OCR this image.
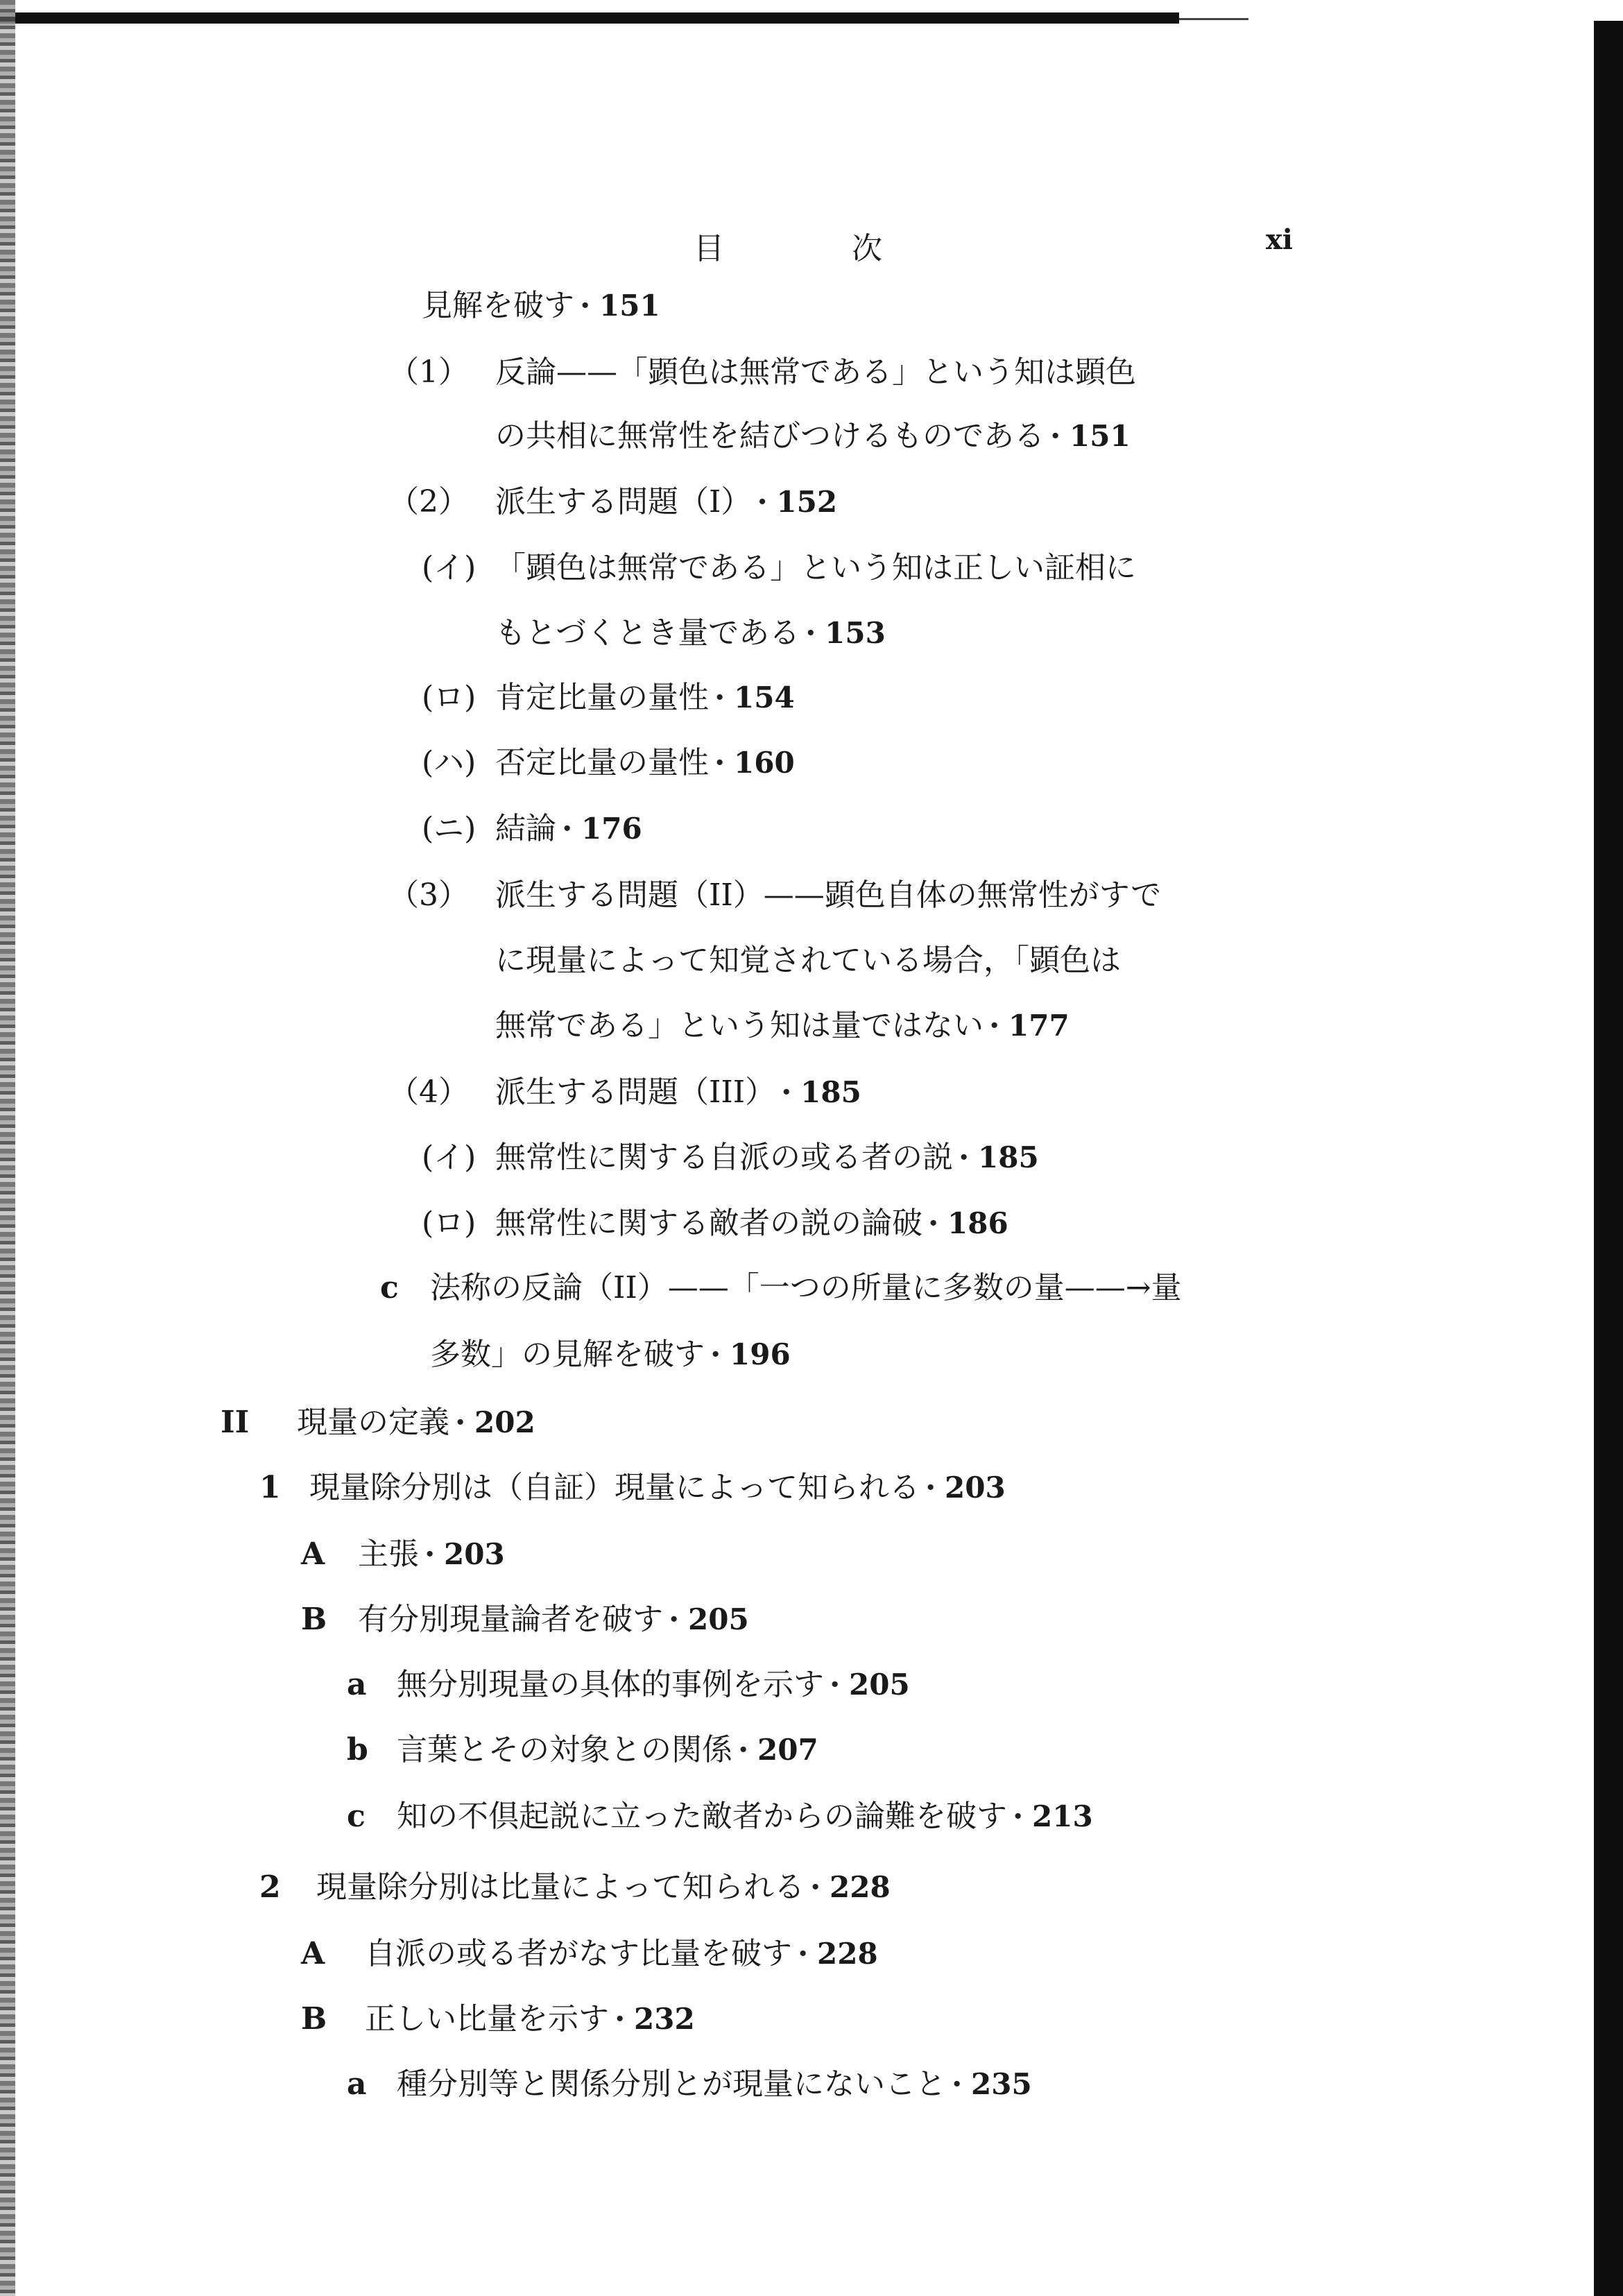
目　次	xi
見解を破す ····· 151
（1） 反論——「顕色は無常である」という知は顕色
の共相に無常性を結びつけるものである ····· 151
（2） 派生する問題（I） ····· 152
(イ) 「顕色は無常である」という知は正しい証相に
もとづくとき量である ····· 153
(ロ) 肯定比量の量性 ····· 154
(ハ) 否定比量の量性 ····· 160
(ニ) 結論 ····· 176
（3） 派生する問題（II）——顕色自体の無常性がすで
に現量によって知覚されている場合，「顕色は
無常である」という知は量ではない ····· 177
（4） 派生する問題（III） ····· 185
(イ) 無常性に関する自派の或る者の説 ····· 185
(ロ) 無常性に関する敵者の説の論破 ····· 186
c	法称の反論（II）——「一つの所量に多数の量——→量
多数」の見解を破す ····· 196
II	現量の定義 ····· 202
1 現量除分別は（自証）現量によって知られる ····· 203
A	主張 ····· 203
B	有分別現量論者を破す ····· 205
a 無分別現量の具体的事例を示す ····· 205
b 言葉とその対象との関係 ····· 207
c	知の不倶起説に立った敵者からの論難を破す ····· 213
2	現量除分別は比量によって知られる ····· 228
A	自派の或る者がなす比量を破す ····· 228
B	正しい比量を示す ····· 232
a 種分別等と関係分別とが現量にないこと ····· 235
